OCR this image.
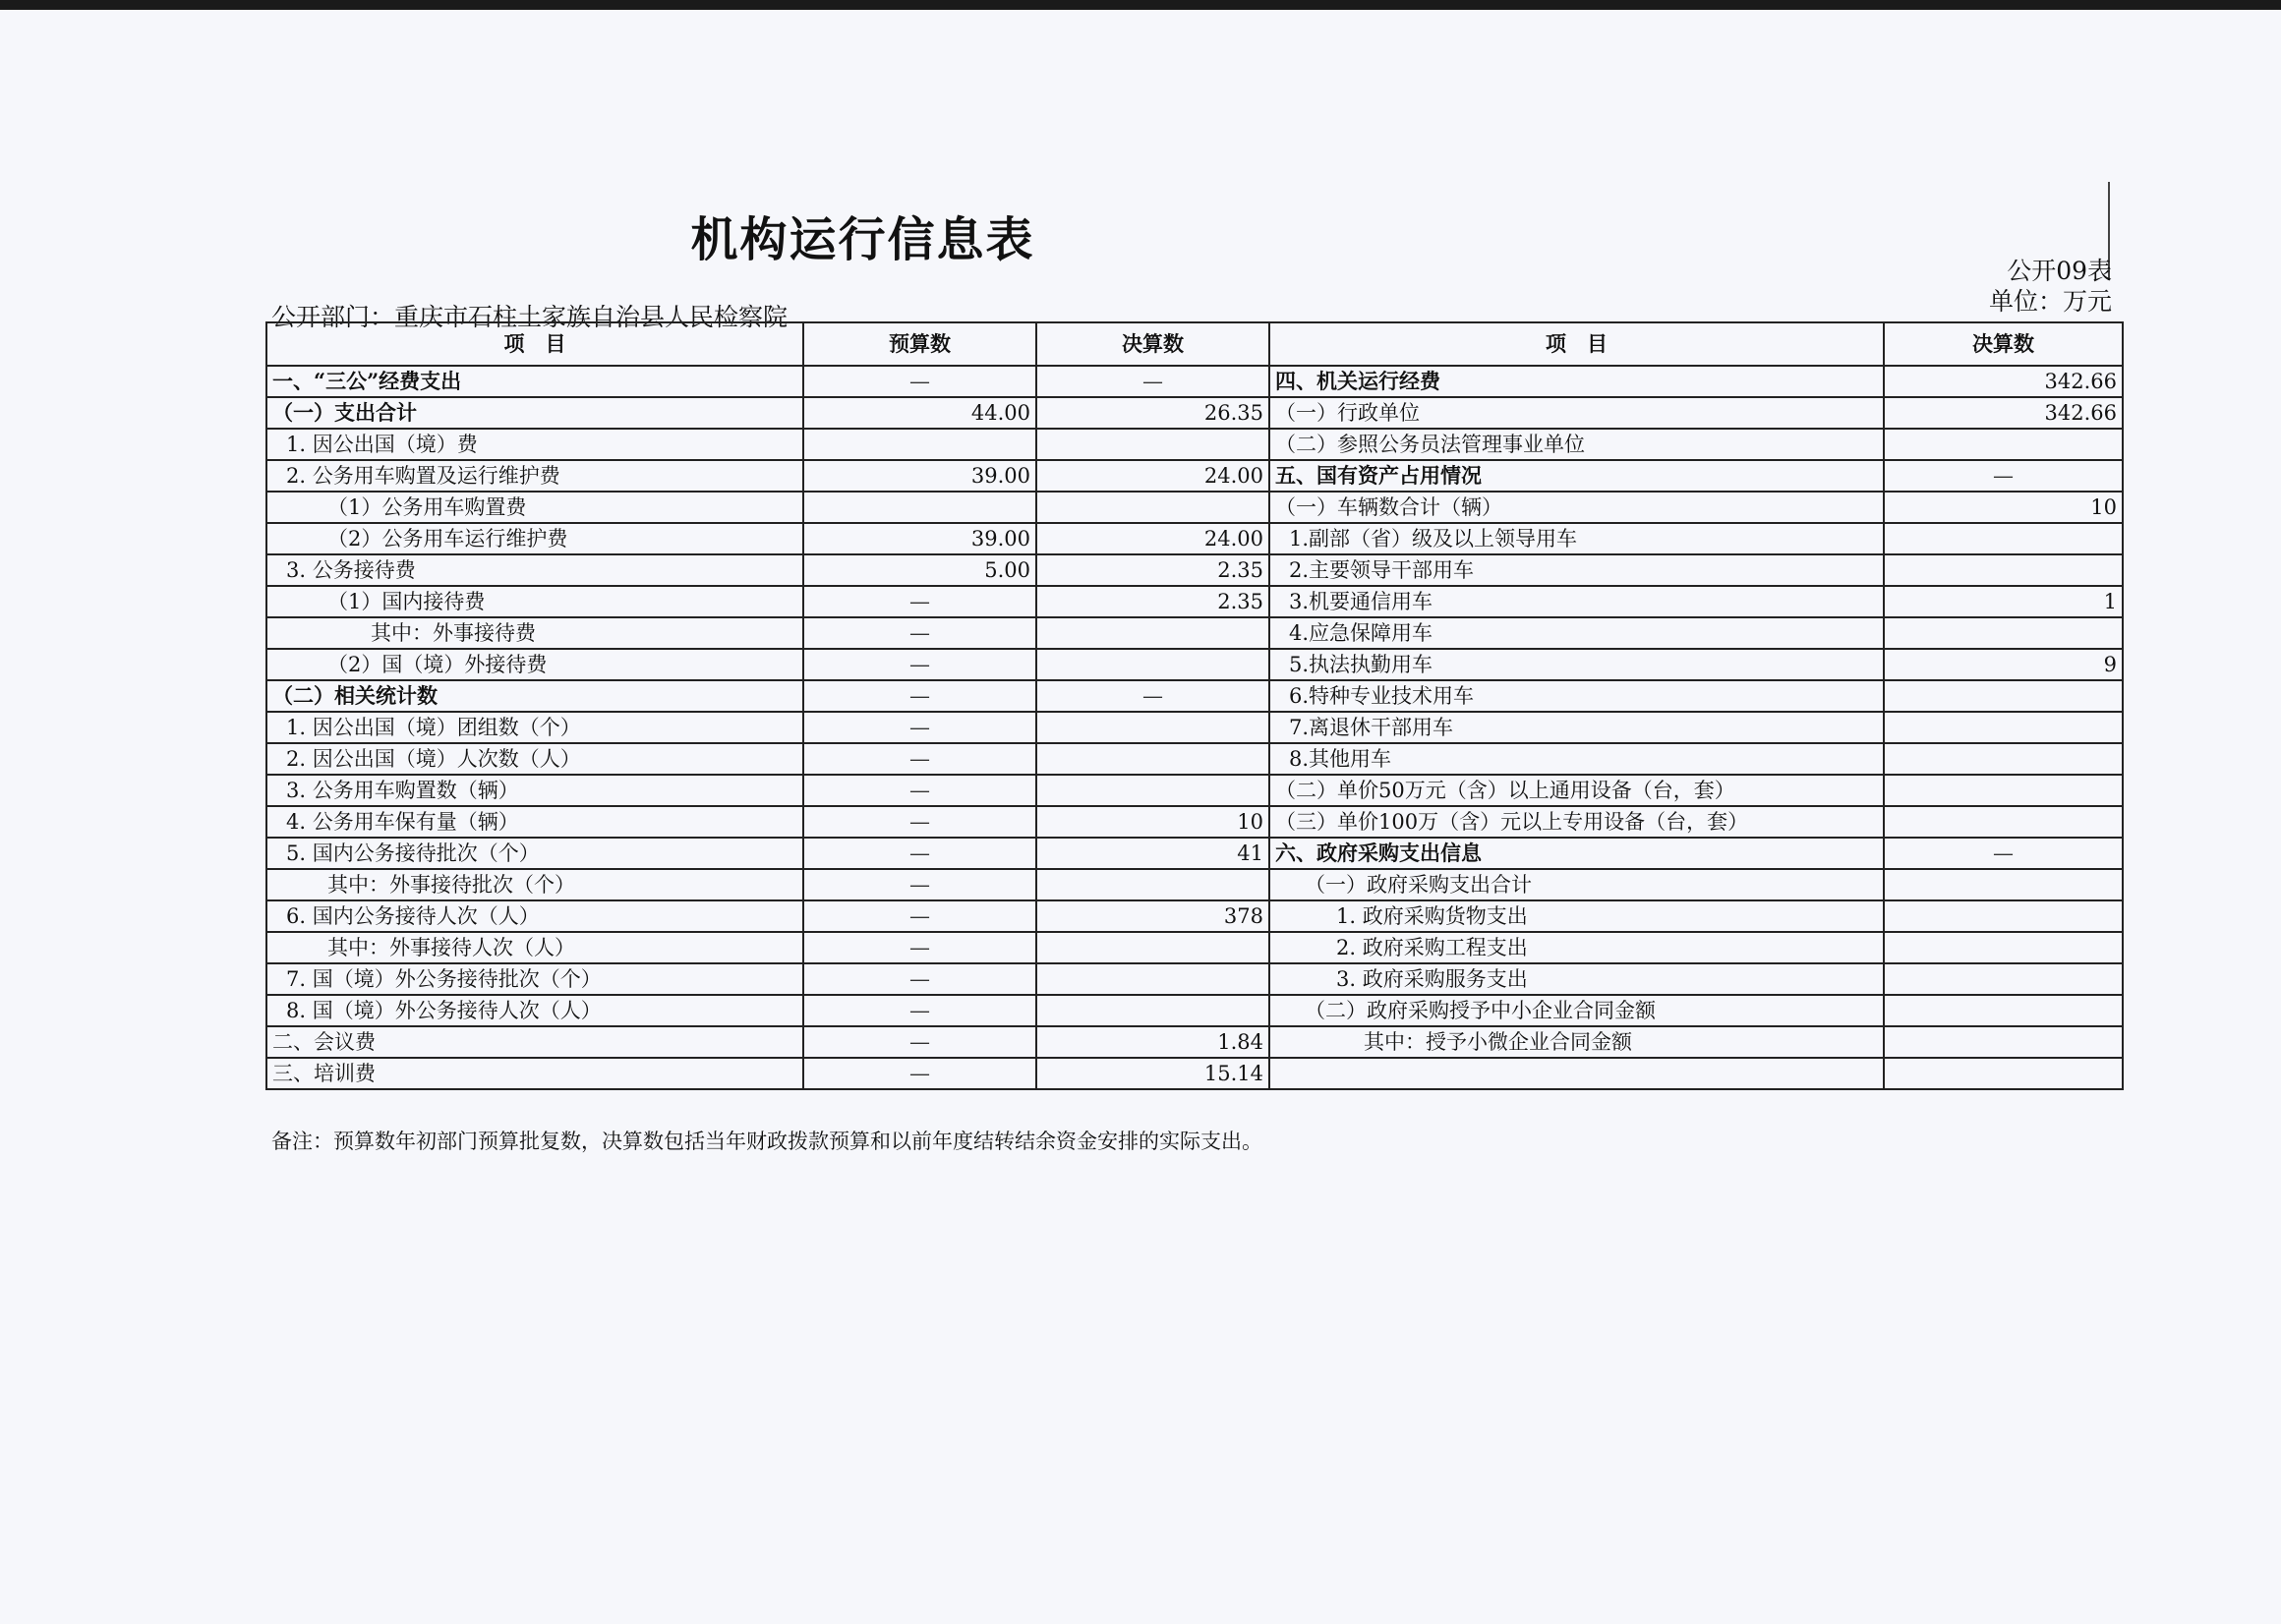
机构运行信息表
公开09表
单位：万元
公开部门：重庆市石柱土家族自治县人民检察院
项　目	预算数	决算数	项　目	决算数
一、“三公”经费支出	—	—	四、机关运行经费	342.66
（一）支出合计	44.00	26.35	（一）行政单位	342.66
1. 因公出国（境）费			（二）参照公务员法管理事业单位	
2. 公务用车购置及运行维护费	39.00	24.00	五、国有资产占用情况	—
（1）公务用车购置费			（一）车辆数合计（辆）	10
（2）公务用车运行维护费	39.00	24.00	1.副部（省）级及以上领导用车	
3. 公务接待费	5.00	2.35	2.主要领导干部用车	
（1）国内接待费	—	2.35	3.机要通信用车	1
其中：外事接待费	—		4.应急保障用车	
（2）国（境）外接待费	—		5.执法执勤用车	9
（二）相关统计数	—	—	6.特种专业技术用车	
1. 因公出国（境）团组数（个）	—		7.离退休干部用车	
2. 因公出国（境）人次数（人）	—		8.其他用车	
3. 公务用车购置数（辆）	—		（二）单价50万元（含）以上通用设备（台，套）	
4. 公务用车保有量（辆）	—	10	（三）单价100万（含）元以上专用设备（台，套）	
5. 国内公务接待批次（个）	—	41	六、政府采购支出信息	—
其中：外事接待批次（个）	—		（一）政府采购支出合计	
6. 国内公务接待人次（人）	—	378	1. 政府采购货物支出	
其中：外事接待人次（人）	—		2. 政府采购工程支出	
7. 国（境）外公务接待批次（个）	—		3. 政府采购服务支出	
8. 国（境）外公务接待人次（人）	—		（二）政府采购授予中小企业合同金额	
二、会议费	—	1.84	其中：授予小微企业合同金额	
三、培训费	—	15.14		
备注：预算数年初部门预算批复数，决算数包括当年财政拨款预算和以前年度结转结余资金安排的实际支出。
